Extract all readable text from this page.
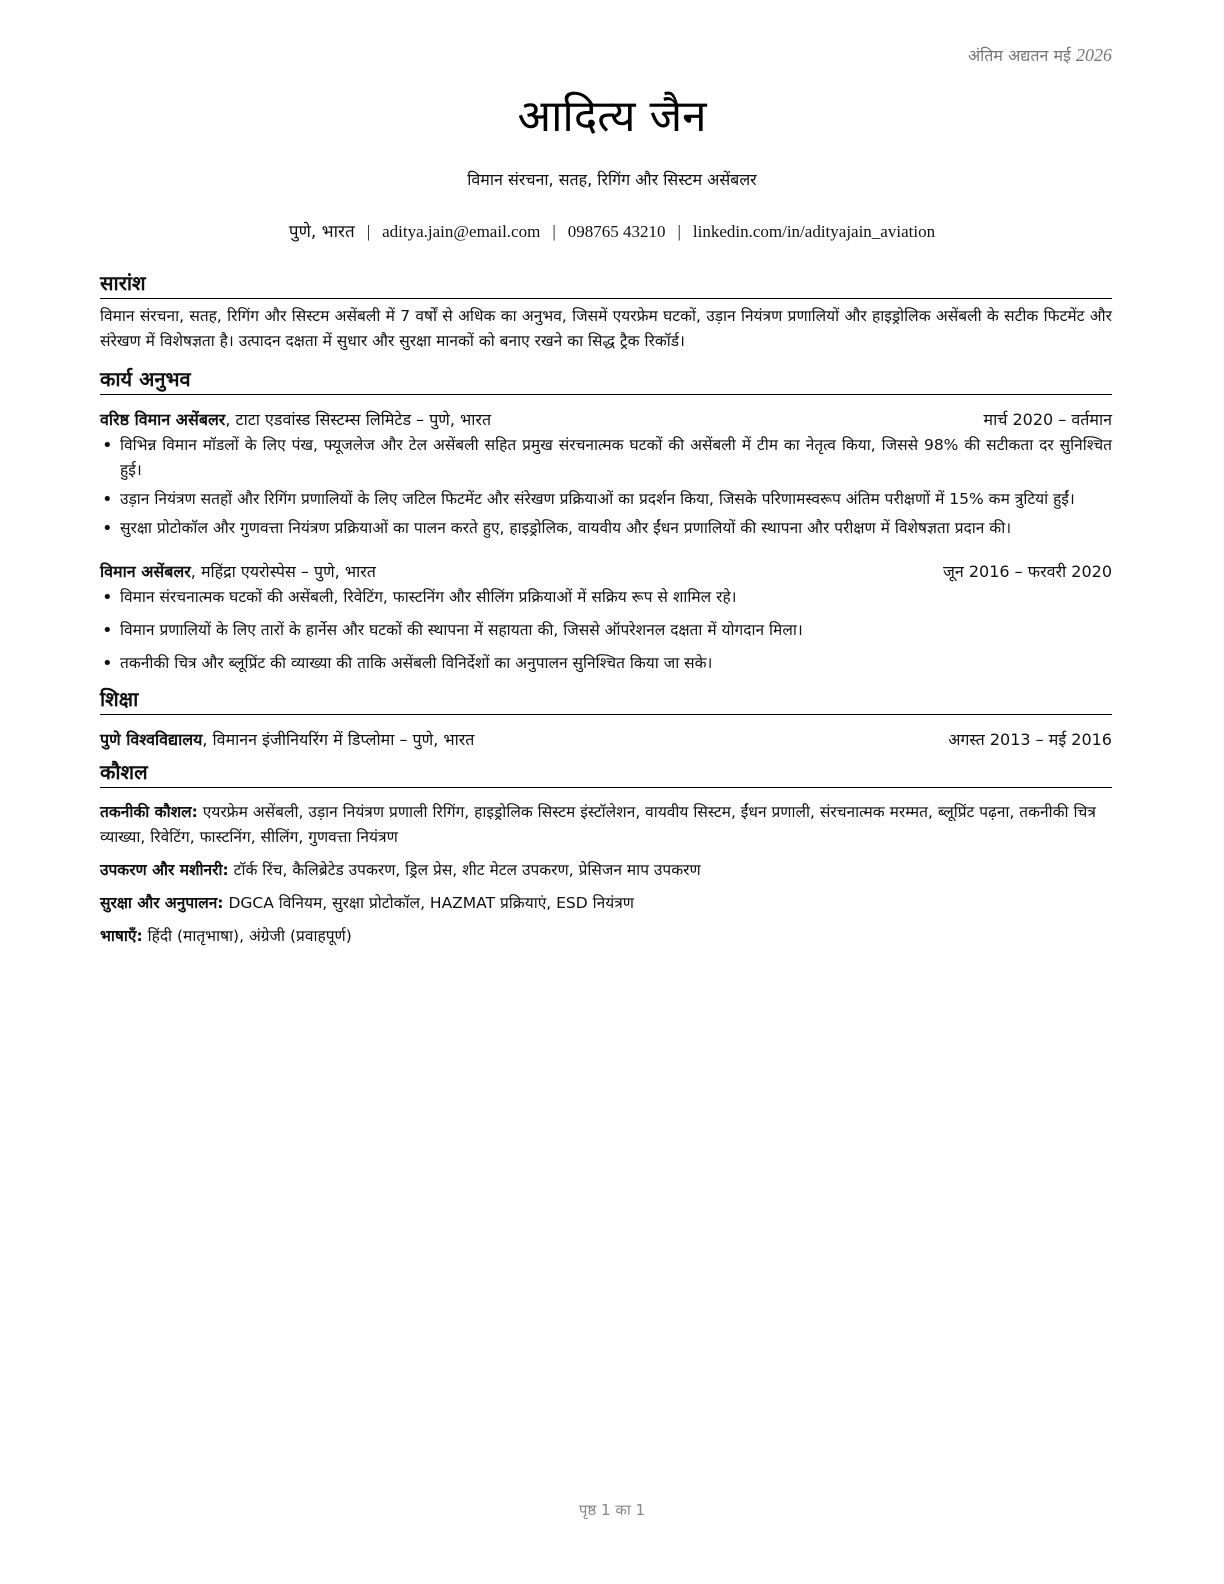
अंतिम अद्यतन मई 2026
आदित्य जैन
विमान संरचना, सतह, रिगिंग और सिस्टम असेंबलर
पुणे, भारत | aditya.jain@email.com | 098765 43210 | linkedin.com/in/adityajain_aviation
सारांश

विमान संरचना, सतह, रिगिंग और सिस्टम असेंबली में 7 वर्षों से अधिक का अनुभव, जिसमें एयरफ्रेम घटकों, उड़ान नियंत्रण प्रणालियों और हाइड्रोलिक असेंबली के सटीक फिटमेंट और संरेखण में विशेषज्ञता है। उत्पादन दक्षता में सुधार और सुरक्षा मानकों को बनाए रखने का सिद्ध ट्रैक रिकॉर्ड।

कार्य अनुभव
वरिष्ठ विमान असेंबलर, टाटा एडवांस्ड सिस्टम्स लिमिटेड – पुणे, भारत	मार्च 2020 – वर्तमान
• विभिन्न विमान मॉडलों के लिए पंख, फ्यूजलेज और टेल असेंबली सहित प्रमुख संरचनात्मक घटकों की असेंबली में टीम का नेतृत्व किया, जिससे 98% की सटीकता दर सुनिश्चित हुई।
• उड़ान नियंत्रण सतहों और रिगिंग प्रणालियों के लिए जटिल फिटमेंट और संरेखण प्रक्रियाओं का प्रदर्शन किया, जिसके परिणामस्वरूप अंतिम परीक्षणों में 15% कम त्रुटियां हुईं।
• सुरक्षा प्रोटोकॉल और गुणवत्ता नियंत्रण प्रक्रियाओं का पालन करते हुए, हाइड्रोलिक, वायवीय और ईंधन प्रणालियों की स्थापना और परीक्षण में विशेषज्ञता प्रदान की।
विमान असेंबलर, महिंद्रा एयरोस्पेस – पुणे, भारत	जून 2016 – फरवरी 2020
• विमान संरचनात्मक घटकों की असेंबली, रिवेटिंग, फास्टनिंग और सीलिंग प्रक्रियाओं में सक्रिय रूप से शामिल रहे।
• विमान प्रणालियों के लिए तारों के हार्नेस और घटकों की स्थापना में सहायता की, जिससे ऑपरेशनल दक्षता में योगदान मिला।
• तकनीकी चित्र और ब्लूप्रिंट की व्याख्या की ताकि असेंबली विनिर्देशों का अनुपालन सुनिश्चित किया जा सके।
शिक्षा
पुणे विश्वविद्यालय, विमानन इंजीनियरिंग में डिप्लोमा – पुणे, भारत	अगस्त 2013 – मई 2016
कौशल

तकनीकी कौशल: एयरफ्रेम असेंबली, उड़ान नियंत्रण प्रणाली रिगिंग, हाइड्रोलिक सिस्टम इंस्टॉलेशन, वायवीय सिस्टम, ईंधन प्रणाली, संरचनात्मक मरम्मत, ब्लूप्रिंट पढ़ना, तकनीकी चित्र व्याख्या, रिवेटिंग, फास्टनिंग, सीलिंग, गुणवत्ता नियंत्रण

उपकरण और मशीनरी: टॉर्क रिंच, कैलिब्रेटेड उपकरण, ड्रिल प्रेस, शीट मेटल उपकरण, प्रेसिजन माप उपकरण

सुरक्षा और अनुपालन: DGCA विनियम, सुरक्षा प्रोटोकॉल, HAZMAT प्रक्रियाएं, ESD नियंत्रण

भाषाएँ: हिंदी (मातृभाषा), अंग्रेजी (प्रवाहपूर्ण)

पृष्ठ 1 का 1
